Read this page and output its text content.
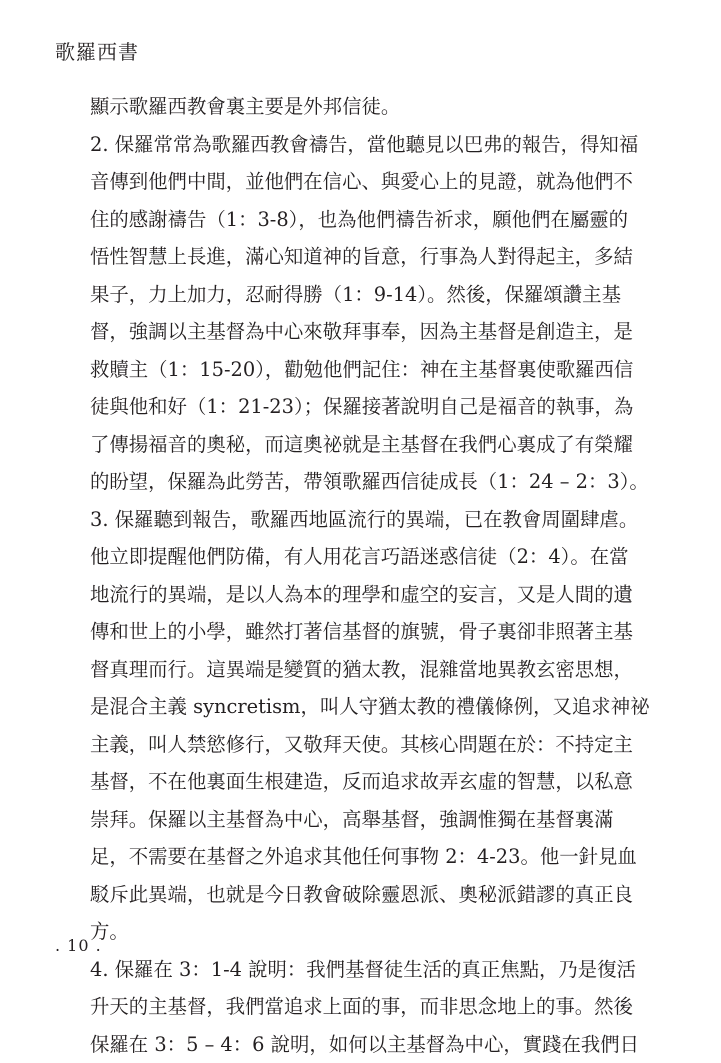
歌羅西書
顯示歌羅西教會裏主要是外邦信徒。
2. 保羅常常為歌羅西教會禱告，當他聽見以巴弗的報告，得知福
音傳到他們中間，並他們在信心、與愛心上的見證，就為他們不
住的感謝禱告（1：3-8），也為他們禱告祈求，願他們在屬靈的
悟性智慧上長進，滿心知道神的旨意，行事為人對得起主，多結
果子，力上加力，忍耐得勝（1：9-14）。然後，保羅頌讚主基
督，強調以主基督為中心來敬拜事奉，因為主基督是創造主，是
救贖主（1：15-20），勸勉他們記住：神在主基督裏使歌羅西信
徒與他和好（1：21-23）；保羅接著說明自己是福音的執事，為
了傳揚福音的奧秘，而這奧祕就是主基督在我們心裏成了有榮耀
的盼望，保羅為此勞苦，帶領歌羅西信徒成長（1：24 – 2：3）。
3. 保羅聽到報告，歌羅西地區流行的異端，已在教會周圍肆虐。
他立即提醒他們防備，有人用花言巧語迷惑信徒（2：4）。在當
地流行的異端，是以人為本的理學和虛空的妄言，又是人間的遺
傳和世上的小學，雖然打著信基督的旗號，骨子裏卻非照著主基
督真理而行。這異端是變質的猶太教，混雜當地異教玄密思想，
是混合主義 syncretism，叫人守猶太教的禮儀條例，又追求神祕
主義，叫人禁慾修行，又敬拜天使。其核心問題在於：不持定主
基督，不在他裏面生根建造，反而追求故弄玄虛的智慧，以私意
崇拜。保羅以主基督為中心，高舉基督，強調惟獨在基督裏滿
足，不需要在基督之外追求其他任何事物 2：4-23。他一針見血
駁斥此異端，也就是今日教會破除靈恩派、奧秘派錯謬的真正良
方。
4. 保羅在 3：1-4 說明：我們基督徒生活的真正焦點，乃是復活
升天的主基督，我們當追求上面的事，而非思念地上的事。然後
保羅在 3：5 – 4：6 說明，如何以主基督為中心，實踐在我們日
. 10 .
